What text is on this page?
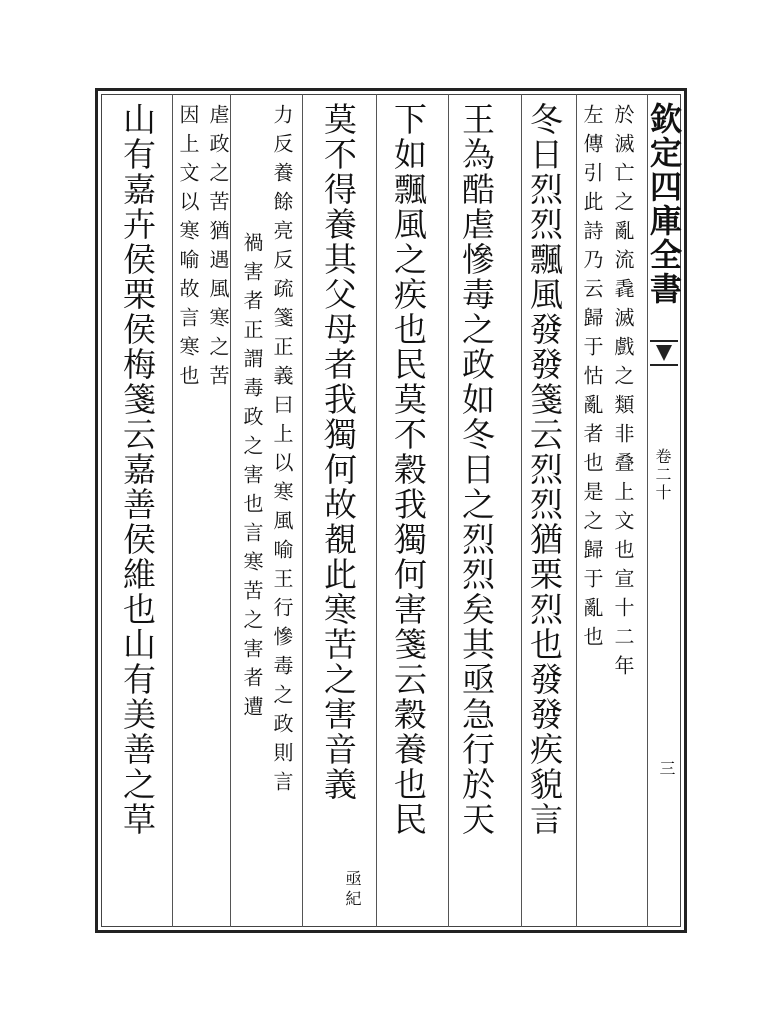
欽定四庫全書
卷二十
三
於滅亡之亂流毳滅戲之類非叠上文也宣十二年
左傳引此詩乃云歸于怙亂者也是之歸于亂也
冬日烈烈飄風發發箋云烈烈猶栗烈也發發疾貌言
王為酷虐慘毒之政如冬日之烈烈矣其亟急行於天
下如飄風之疾也民莫不穀我獨何害箋云穀養也民
莫不得養其父母者我獨何故覩此寒苦之害音義
亟紀
力反養餘亮反疏箋正義曰上以寒風喻王行慘毒之政則言
禍害者正謂毒政之害也言寒苦之害者遭
虐政之苦猶遇風寒之苦
因上文以寒喻故言寒也
山有嘉卉侯栗侯梅箋云嘉善侯維也山有美善之草
